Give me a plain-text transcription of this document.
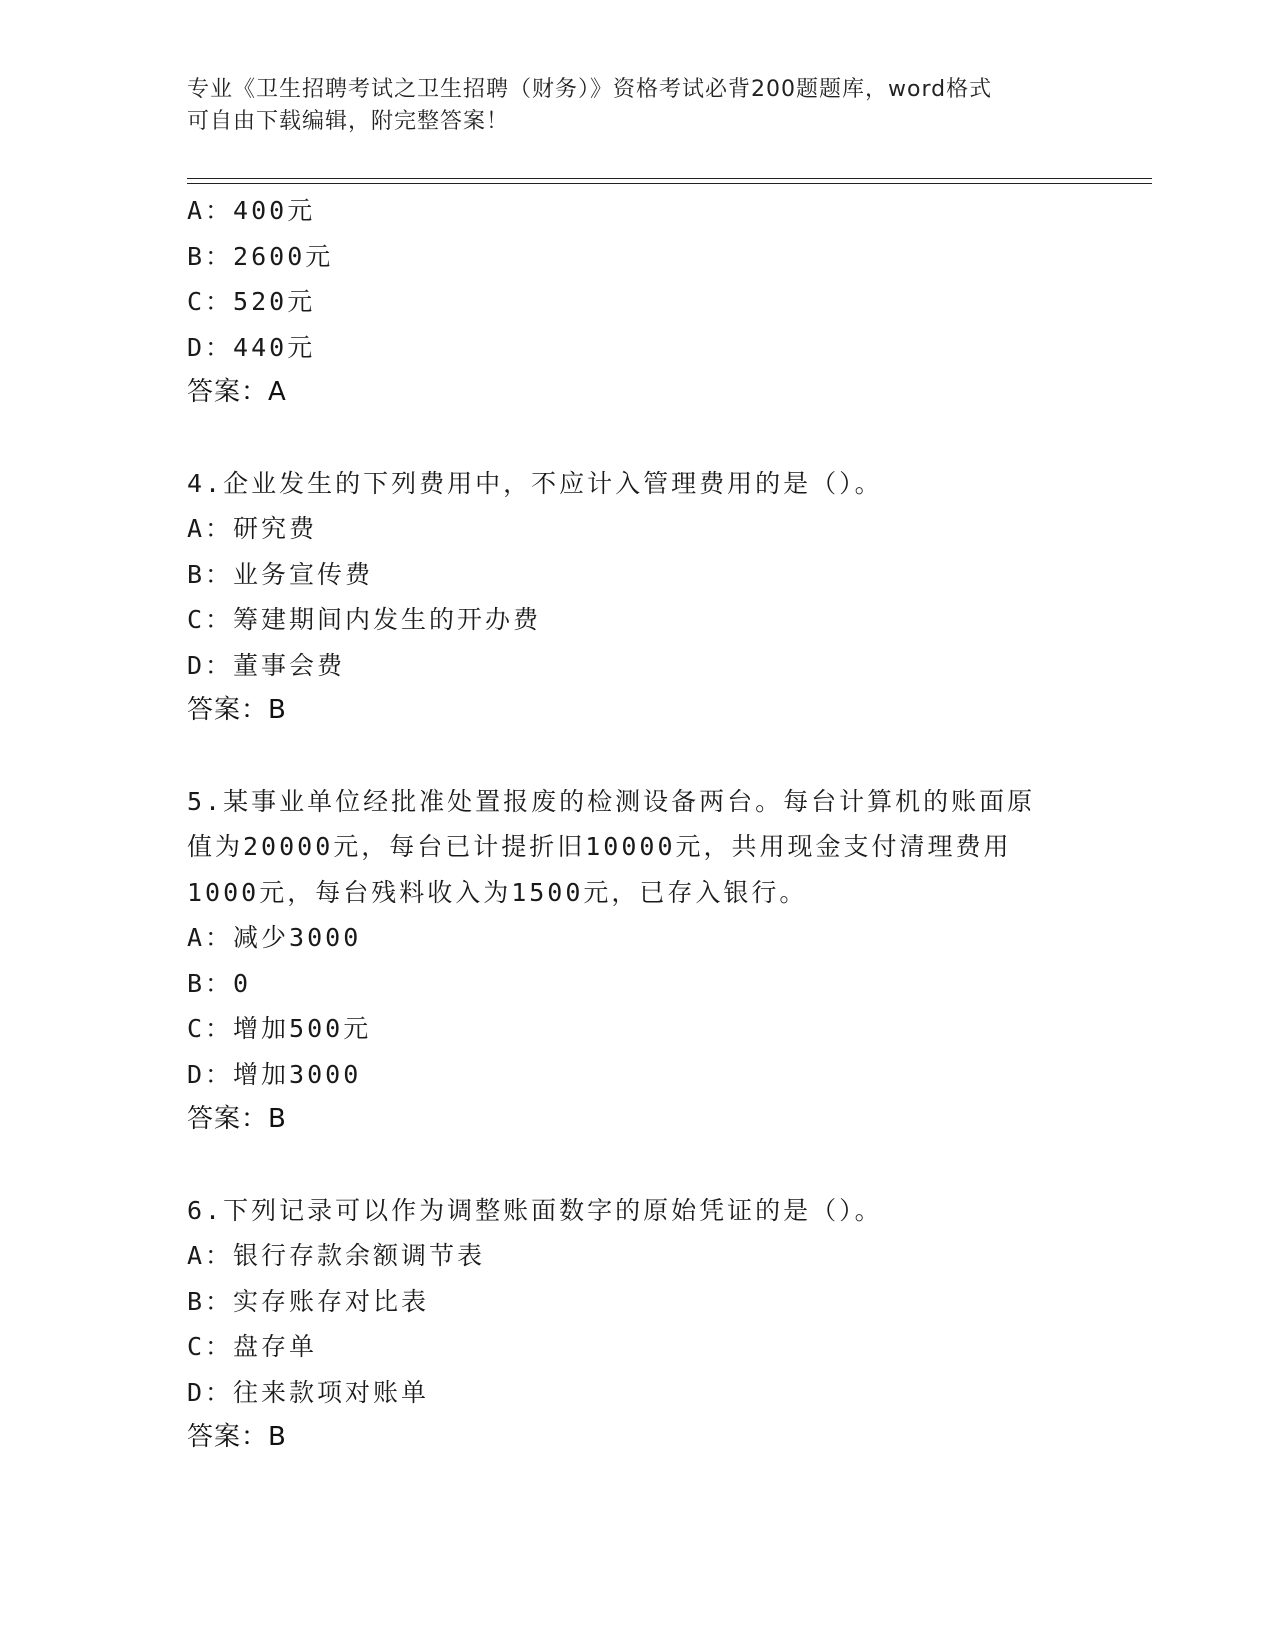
专业《卫生招聘考试之卫生招聘（财务）》资格考试必背200题题库，word格式
可自由下载编辑，附完整答案！
A：400元
B：2600元
C：520元
D：440元
答案：A
4.企业发生的下列费用中，不应计入管理费用的是（）。
A：研究费
B：业务宣传费
C：筹建期间内发生的开办费
D：董事会费
答案：B
5.某事业单位经批准处置报废的检测设备两台。每台计算机的账面原
值为20000元，每台已计提折旧10000元，共用现金支付清理费用
1000元，每台残料收入为1500元，已存入银行。
A：减少3000
B：0
C：增加500元
D：增加3000
答案：B
6.下列记录可以作为调整账面数字的原始凭证的是（）。
A：银行存款余额调节表
B：实存账存对比表
C：盘存单
D：往来款项对账单
答案：B
